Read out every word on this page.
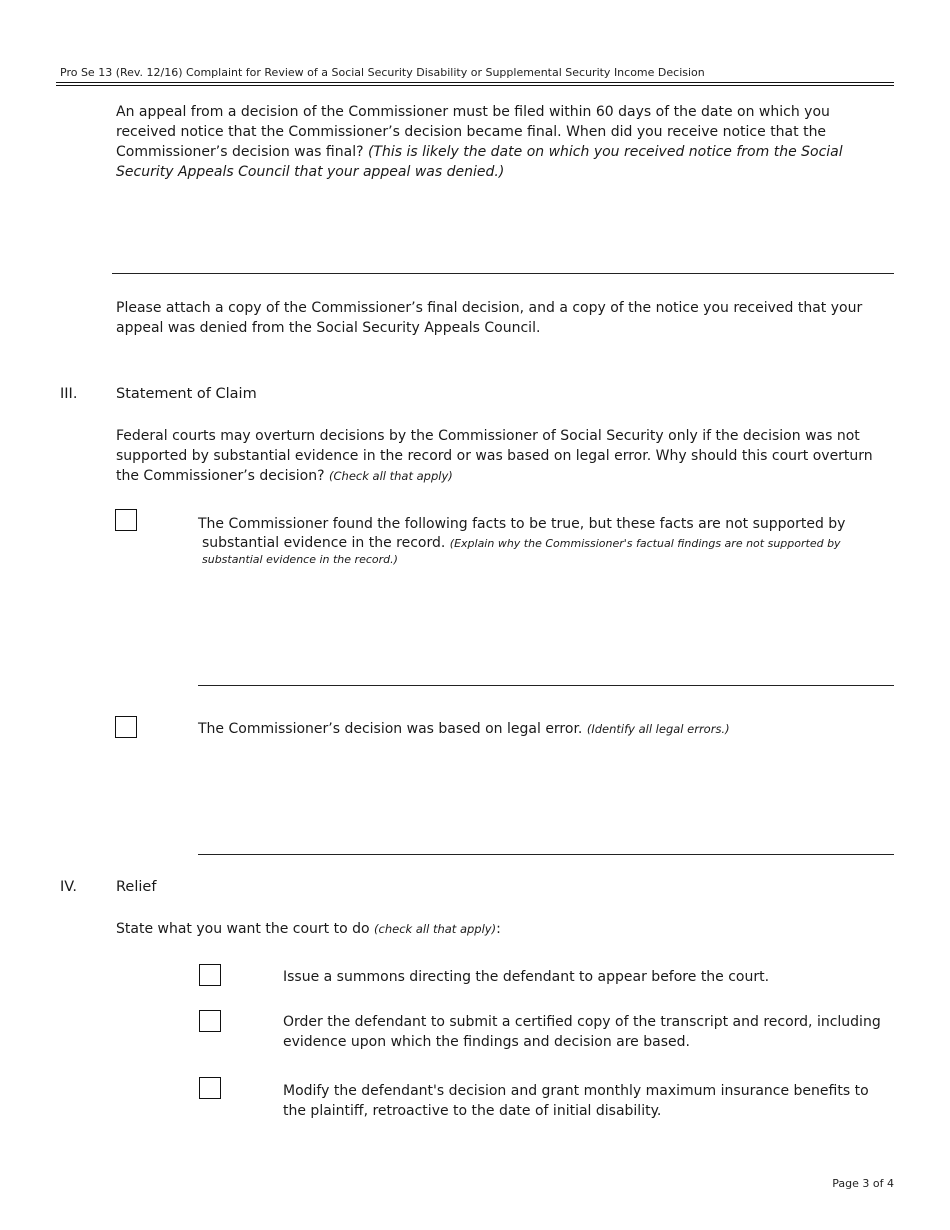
Pro Se 13 (Rev. 12/16) Complaint for Review of a Social Security Disability or Supplemental Security Income Decision
An appeal from a decision of the Commissioner must be filed within 60 days of the date on which you received notice that the Commissioner’s decision became final. When did you receive notice that the Commissioner’s decision was final? (This is likely the date on which you received notice from the Social Security Appeals Council that your appeal was denied.)
Please attach a copy of the Commissioner’s final decision, and a copy of the notice you received that your appeal was denied from the Social Security Appeals Council.
III.	Statement of Claim
Federal courts may overturn decisions by the Commissioner of Social Security only if the decision was not supported by substantial evidence in the record or was based on legal error. Why should this court overturn the Commissioner’s decision? (Check all that apply)
The Commissioner found the following facts to be true, but these facts are not supported by
substantial evidence in the record. (Explain why the Commissioner's factual findings are not supported by
substantial evidence in the record.)
The Commissioner’s decision was based on legal error. (Identify all legal errors.)
IV.	Relief
State what you want the court to do (check all that apply):
Issue a summons directing the defendant to appear before the court.
Order the defendant to submit a certified copy of the transcript and record, including evidence upon which the findings and decision are based.
Modify the defendant's decision and grant monthly maximum insurance benefits to the plaintiff, retroactive to the date of initial disability.
Page 3 of 4
